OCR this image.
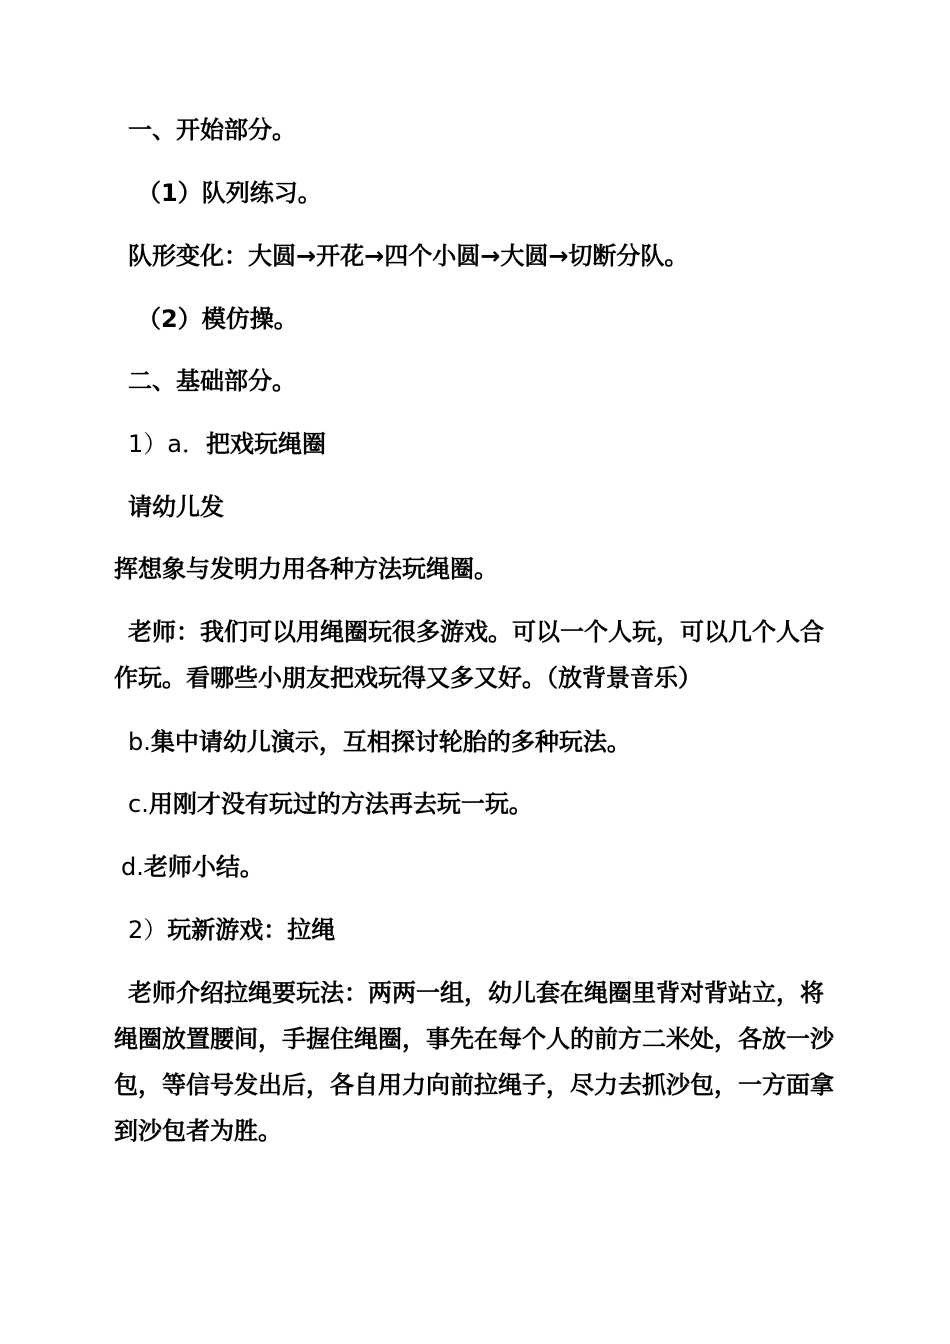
一、开始部分。

（1）队列练习。

队形变化：大圆→开花→四个小圆→大圆→切断分队。

（2）模仿操。

二、基础部分。

1）a．把戏玩绳圈

请幼儿发

挥想象与发明力用各种方法玩绳圈。

老师：我们可以用绳圈玩很多游戏。可以一个人玩，可以几个人合

作玩。看哪些小朋友把戏玩得又多又好。（放背景音乐）

b.集中请幼儿演示，互相探讨轮胎的多种玩法。

c.用刚才没有玩过的方法再去玩一玩。

d.老师小结。

2）玩新游戏：拉绳

老师介绍拉绳要玩法：两两一组，幼儿套在绳圈里背对背站立，将

绳圈放置腰间，手握住绳圈，事先在每个人的前方二米处，各放一沙

包，等信号发出后，各自用力向前拉绳子，尽力去抓沙包，一方面拿

到沙包者为胜。
